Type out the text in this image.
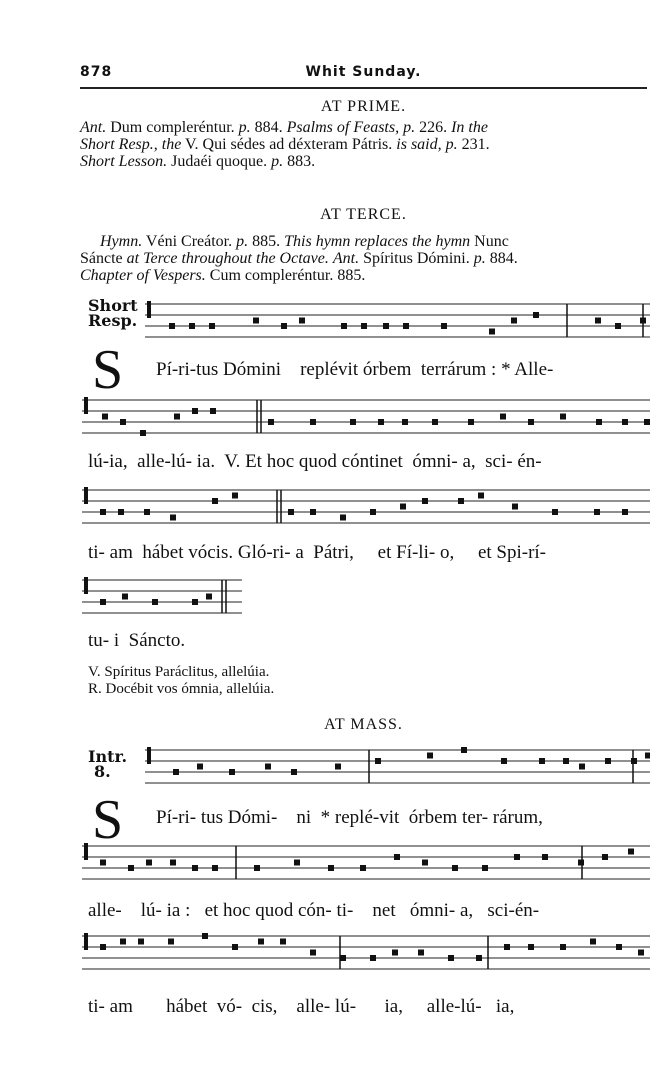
878	Whit Sunday.
AT PRIME.
Ant. Dum compleréntur. p. 884. Psalms of Feasts, p. 226. In the
Short Resp., the V. Qui sédes ad déxteram Pátris. is said, p. 231.
Short Lesson. Judaéi quoque. p. 883.
AT TERCE.
Hymn. Véni Creátor. p. 885. This hymn replaces the hymn Nunc
Sáncte at Terce throughout the Octave. Ant. Spíritus Dómini. p. 884.
Chapter of Vespers. Cum compleréntur. 885.
Short
Resp.
S Pí-ri-tus Dómini    replévit órbem  terrárum : * Alle-
lú-ia,  alle-lú- ia.  V. Et hoc quod cóntinet  ómni- a,  sci- én-
ti- am  hábet vócis. Gló-ri- a  Pátri,     et Fí-li- o,     et Spi-rí-
tu- i  Sáncto.
V. Spíritus Paráclitus, allelúia.
R. Docébit vos ómnia, allelúia.
AT MASS.
Intr.
8.
S Pí-ri- tus Dómi-    ni  * replé-vit  órbem ter- rárum,
alle-    lú- ia :   et hoc quod cón- ti-    net   ómni- a,   sci-én-
ti- am       hábet  vó-  cis,    alle- lú-      ia,     alle-lú-   ia,
